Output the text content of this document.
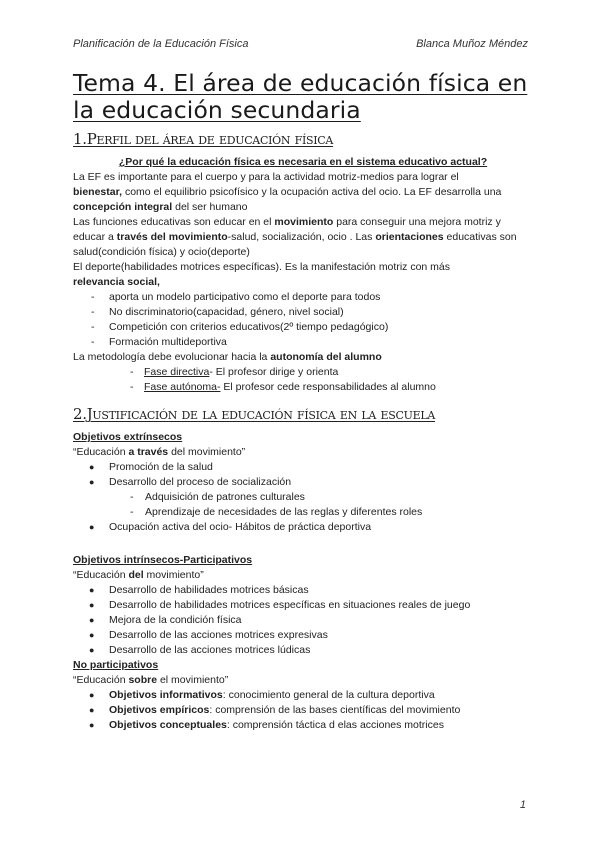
Planificación de la Educación Física	Blanca Muñoz Méndez
Tema 4. El área de educación física en la educación secundaria
1.Perfil del área de educación física

¿Por qué la educación física es necesaria en el sistema educativo actual?

La EF es importante para el cuerpo y para la actividad motriz-medios para lograr el
bienestar, como el equilibrio psicofísico y la ocupación activa del ocio. La EF desarrolla una
concepción integral del ser humano

Las funciones educativas son educar en el movimiento para conseguir una mejora motriz y educar a través del movimiento-salud, socialización, ocio . Las orientaciones educativas son salud(condición física) y ocio(deporte)

El deporte(habilidades motrices específicas). Es la manifestación motriz con más
relevancia social,

- aporta un modelo participativo como el deporte para todos
- No discriminatorio(capacidad, género, nivel social)
- Competición con criterios educativos(2º tiempo pedagógico)
- Formación multideportiva

La metodología debe evolucionar hacia la autonomía del alumno

- Fase directiva- El profesor dirige y orienta
- Fase autónoma- El profesor cede responsabilidades al alumno
2.Justificación de la educación física en la escuela

Objetivos extrínsecos

“Educación a través del movimiento”

● Promoción de la salud
● Desarrollo del proceso de socialización
- Adquisición de patrones culturales
- Aprendizaje de necesidades de las reglas y diferentes roles
● Ocupación activa del ocio- Hábitos de práctica deportiva

Objetivos intrínsecos-Participativos

“Educación del movimiento”

● Desarrollo de habilidades motrices básicas
● Desarrollo de habilidades motrices específicas en situaciones reales de juego
● Mejora de la condición física
● Desarrollo de las acciones motrices expresivas
● Desarrollo de las acciones motrices lúdicas

No participativos

“Educación sobre el movimiento”

● Objetivos informativos: conocimiento general de la cultura deportiva
● Objetivos empíricos: comprensión de las bases científicas del movimiento
● Objetivos conceptuales: comprensión táctica d elas acciones motrices
1
